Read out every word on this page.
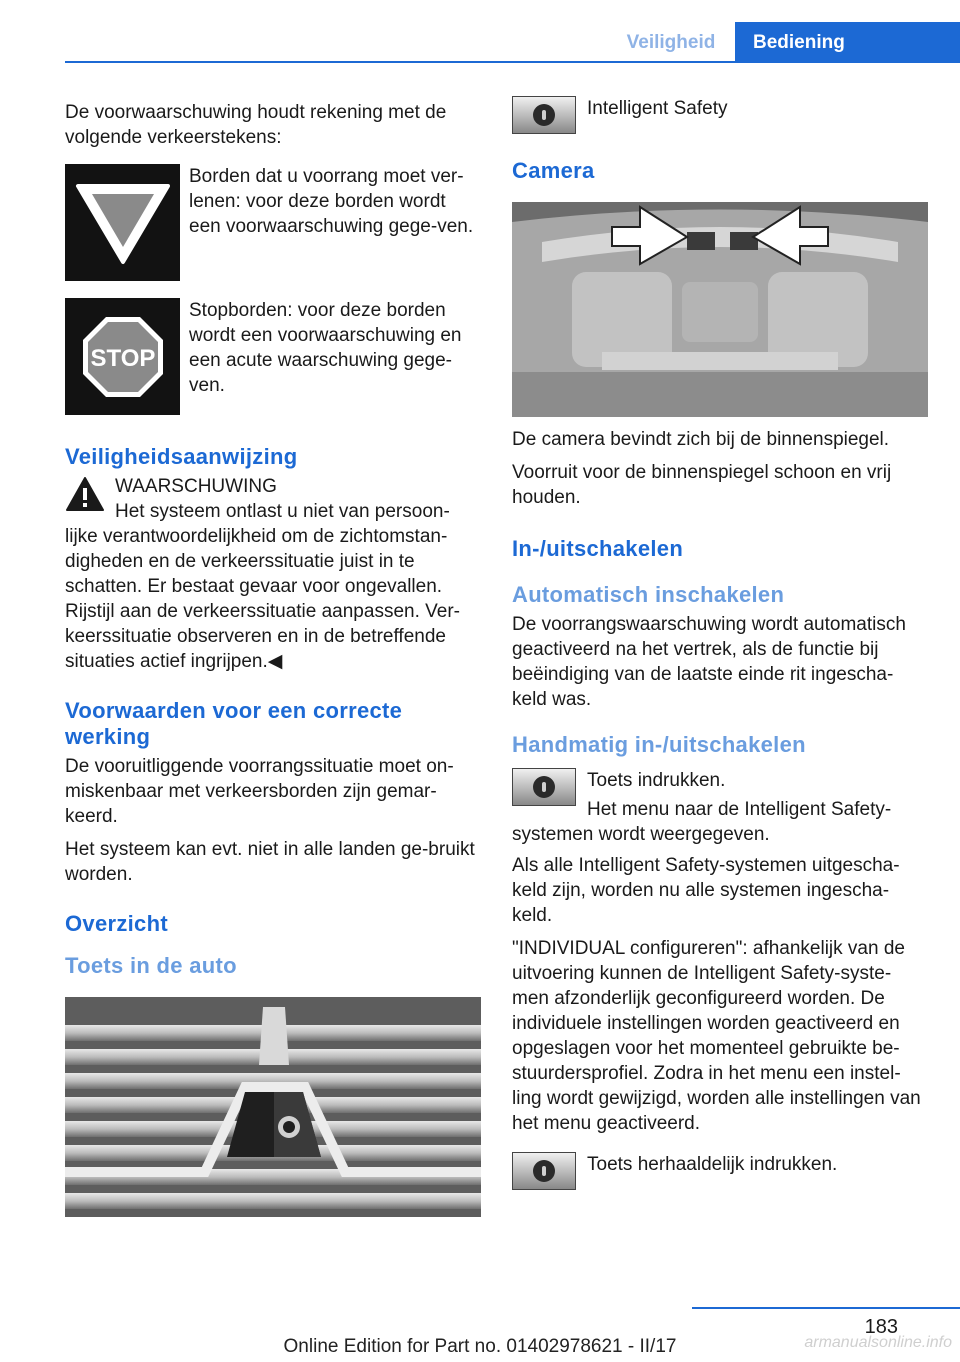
Veiligheid	Bediening

De voorwaarschuwing houdt rekening met de volgende verkeerstekens:

Borden dat u voorrang moet ver‐lenen: voor deze borden wordt een voorwaarschuwing gege‐ven.
STOP
Stopborden: voor deze borden wordt een voorwaarschuwing en een acute waarschuwing gege‐ven.
Veiligheidsaanwijzing
WAARSCHUWING
Het systeem ontlast u niet van persoon‐
lijke verantwoordelijkheid om de zichtomstan‐digheden en de verkeerssituatie juist in te schatten. Er bestaat gevaar voor ongevallen. Rijstijl aan de verkeerssituatie aanpassen. Ver‐keerssituatie observeren en in de betreffende situaties actief ingrijpen.◀
Voorwaarden voor een correcte werking

De vooruitliggende voorrangssituatie moet on‐miskenbaar met verkeersborden zijn gemar‐keerd.

Het systeem kan evt. niet in alle landen ge‐bruikt worden.

Overzicht
Toets in de auto
Intelligent Safety
Camera

De camera bevindt zich bij de binnenspiegel.

Voorruit voor de binnenspiegel schoon en vrij houden.

In-/uitschakelen
Automatisch inschakelen

De voorrangswaarschuwing wordt automatisch geactiveerd na het vertrek, als de functie bij beëindiging van de laatste einde rit ingescha‐keld was.

Handmatig in-/uitschakelen
Toets indrukken.
Het menu naar de Intelligent Safety-systemen wordt weergegeven.

Als alle Intelligent Safety-systemen uitgescha‐keld zijn, worden nu alle systemen ingescha‐keld.

"INDIVIDUAL configureren": afhankelijk van de uitvoering kunnen de Intelligent Safety-syste‐men afzonderlijk geconfigureerd worden. De individuele instellingen worden geactiveerd en opgeslagen voor het momenteel gebruikte be‐stuurdersprofiel. Zodra in het menu een instel‐ling wordt gewijzigd, worden alle instellingen van het menu geactiveerd.

Toets herhaaldelijk indrukken.
183
Online Edition for Part no. 01402978621 - II/17	armanualsonline.info
